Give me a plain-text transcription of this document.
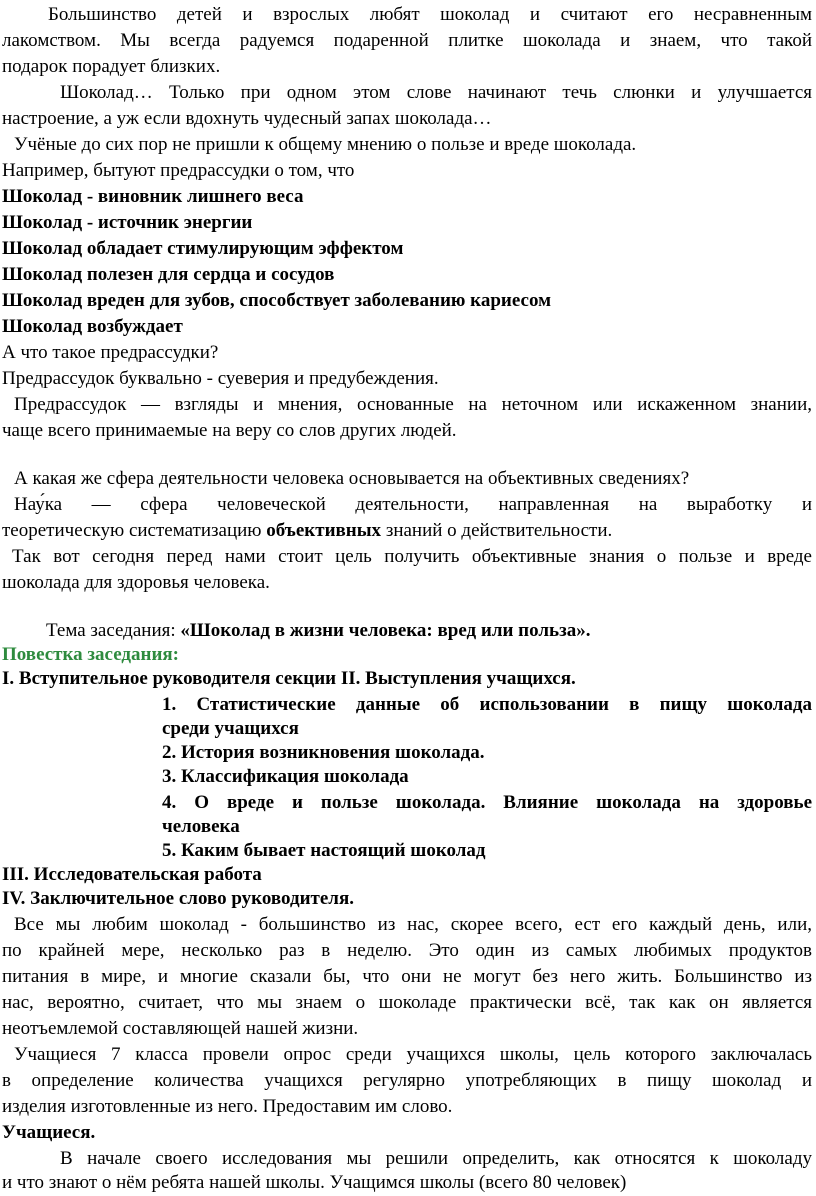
Большинство детей и взрослых любят шоколад и считают его несравненным
лакомством. Мы всегда радуемся подаренной плитке шоколада и знаем, что такой
подарок порадует близких.
Шоколад… Только при одном этом слове начинают течь слюнки и улучшается
настроение, а уж если вдохнуть чудесный запах шоколада…
Учёные до сих пор не пришли к общему мнению о пользе и вреде шоколада.
Например, бытуют предрассудки о том, что
Шоколад - виновник лишнего веса
Шоколад - источник энергии
Шоколад обладает стимулирующим эффектом
Шоколад полезен для сердца и сосудов
Шоколад вреден для зубов, способствует заболеванию кариесом
Шоколад возбуждает
А что такое предрассудки?
Предрассудок буквально - суеверия и предубеждения.
Предрассудок — взгляды и мнения, основанные на неточном или искаженном знании,
чаще всего принимаемые на веру со слов других людей.
А какая же сфера деятельности человека основывается на объективных сведениях?
Нау́ка — сфера человеческой деятельности, направленная на выработку и
теоретическую систематизацию объективных знаний о действительности.
Так вот сегодня перед нами стоит цель получить объективные знания о пользе и вреде
шоколада для здоровья человека.
Тема заседания: «Шоколад в жизни человека: вред или польза».
Повестка заседания:
I. Вступительное руководителя секции II. Выступления учащихся.
1. Статистические данные об использовании в пищу шоколада
среди учащихся
2. История возникновения шоколада.
3. Классификация шоколада
4. О вреде и пользе шоколада. Влияние шоколада на здоровье
человека
5. Каким бывает настоящий шоколад
III. Исследовательская работа
IV. Заключительное слово руководителя.
Все мы любим шоколад - большинство из нас, скорее всего, ест его каждый день, или,
по крайней мере, несколько раз в неделю. Это один из самых любимых продуктов
питания в мире, и многие сказали бы, что они не могут без него жить. Большинство из
нас, вероятно, считает, что мы знаем о шоколаде практически всё, так как он является
неотъемлемой составляющей нашей жизни.
Учащиеся 7 класса провели опрос среди учащихся школы, цель которого заключалась
в определение количества учащихся регулярно употребляющих в пищу шоколад и
изделия изготовленные из него. Предоставим им слово.
Учащиеся.
В начале своего исследования мы решили определить, как относятся к шоколаду
и что знают о нём ребята нашей школы. Учащимся школы (всего 80 человек)
